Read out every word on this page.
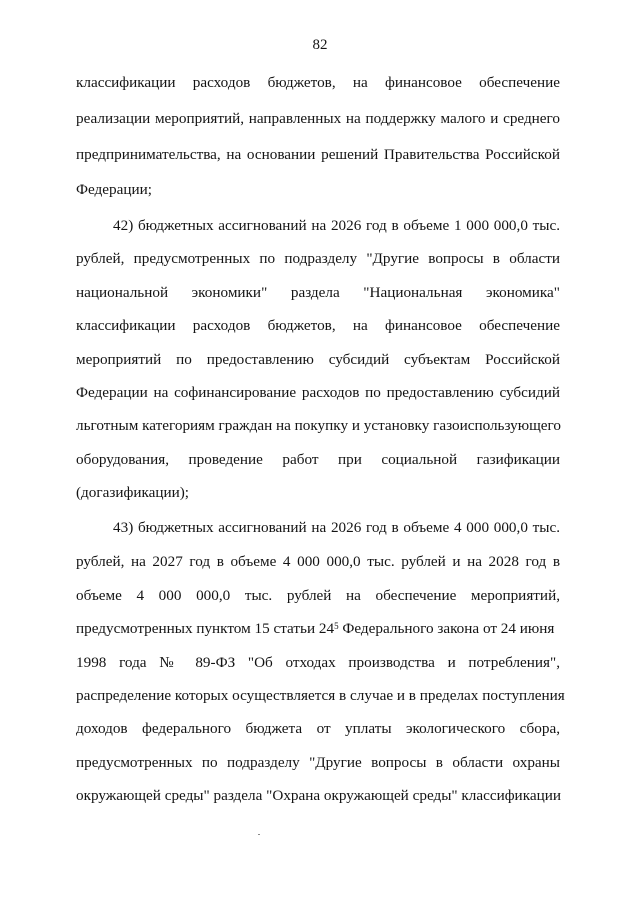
82
классификации расходов бюджетов, на финансовое обеспечение
реализации мероприятий, направленных на поддержку малого и среднего
предпринимательства, на основании решений Правительства Российской
Федерации;
42) бюджетных ассигнований на 2026 год в объеме 1 000 000,0 тыс.
рублей, предусмотренных по подразделу "Другие вопросы в области
национальной экономики" раздела "Национальная экономика"
классификации расходов бюджетов, на финансовое обеспечение
мероприятий по предоставлению субсидий субъектам Российской
Федерации на софинансирование расходов по предоставлению субсидий
льготным категориям граждан на покупку и установку газоиспользующего
оборудования, проведение работ при социальной газификации
(догазификации);
43) бюджетных ассигнований на 2026 год в объеме 4 000 000,0 тыс.
рублей, на 2027 год в объеме 4 000 000,0 тыс. рублей и на 2028 год в
объеме 4 000 000,0 тыс. рублей на обеспечение мероприятий,
предусмотренных пунктом 15 статьи $24^5$ Федерального закона от 24 июня
1998 года № 89-ФЗ "Об отходах производства и потребления",
распределение которых осуществляется в случае и в пределах поступления
доходов федерального бюджета от уплаты экологического сбора,
предусмотренных по подразделу "Другие вопросы в области охраны
окружающей среды" раздела "Охрана окружающей среды" классификации
